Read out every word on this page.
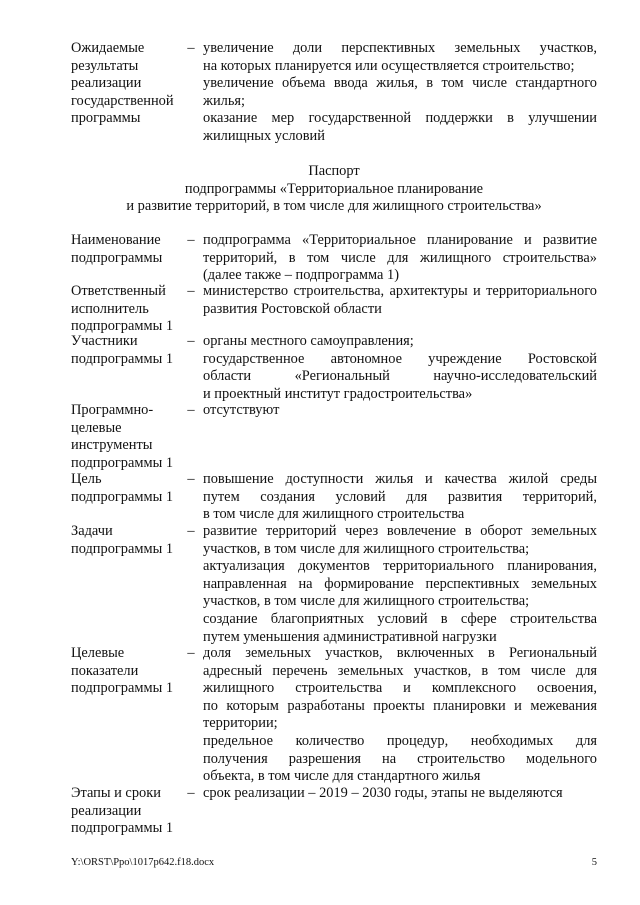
Ожидаемые
результаты
реализации
государственной
программы
– увеличение доли перспективных земельных участков,
на которых планируется или осуществляется строительство;
увеличение объема ввода жилья, в том числе стандартного
жилья;
оказание мер государственной поддержки в улучшении
жилищных условий
Паспорт
подпрограммы «Территориальное планирование
и развитие территорий, в том числе для жилищного строительства»
Наименование
подпрограммы
– подпрограмма «Территориальное планирование и развитие
территорий, в том числе для жилищного строительства»
(далее также – подпрограмма 1)
Ответственный
исполнитель
подпрограммы 1
– министерство строительства, архитектуры и территориального
развития Ростовской области
Участники
подпрограммы 1
– органы местного самоуправления;
государственное автономное учреждение Ростовской
области «Региональный научно-исследовательский
и проектный институт градостроительства»
Программно-
целевые
инструменты
подпрограммы 1
– отсутствуют
Цель
подпрограммы 1
– повышение доступности жилья и качества жилой среды
путем создания условий для развития территорий,
в том числе для жилищного строительства
Задачи
подпрограммы 1
– развитие территорий через вовлечение в оборот земельных
участков, в том числе для жилищного строительства;
актуализация документов территориального планирования,
направленная на формирование перспективных земельных
участков, в том числе для жилищного строительства;
создание благоприятных условий в сфере строительства
путем уменьшения административной нагрузки
Целевые
показатели
подпрограммы 1
– доля земельных участков, включенных в Региональный
адресный перечень земельных участков, в том числе для
жилищного строительства и комплексного освоения,
по которым разработаны проекты планировки и межевания
территории;
предельное количество процедур, необходимых для
получения разрешения на строительство модельного
объекта, в том числе для стандартного жилья
Этапы и сроки
реализации
подпрограммы 1
– срок реализации – 2019 – 2030 годы, этапы не выделяются
Y:\ORST\Ppo\1017p642.f18.docx	5
